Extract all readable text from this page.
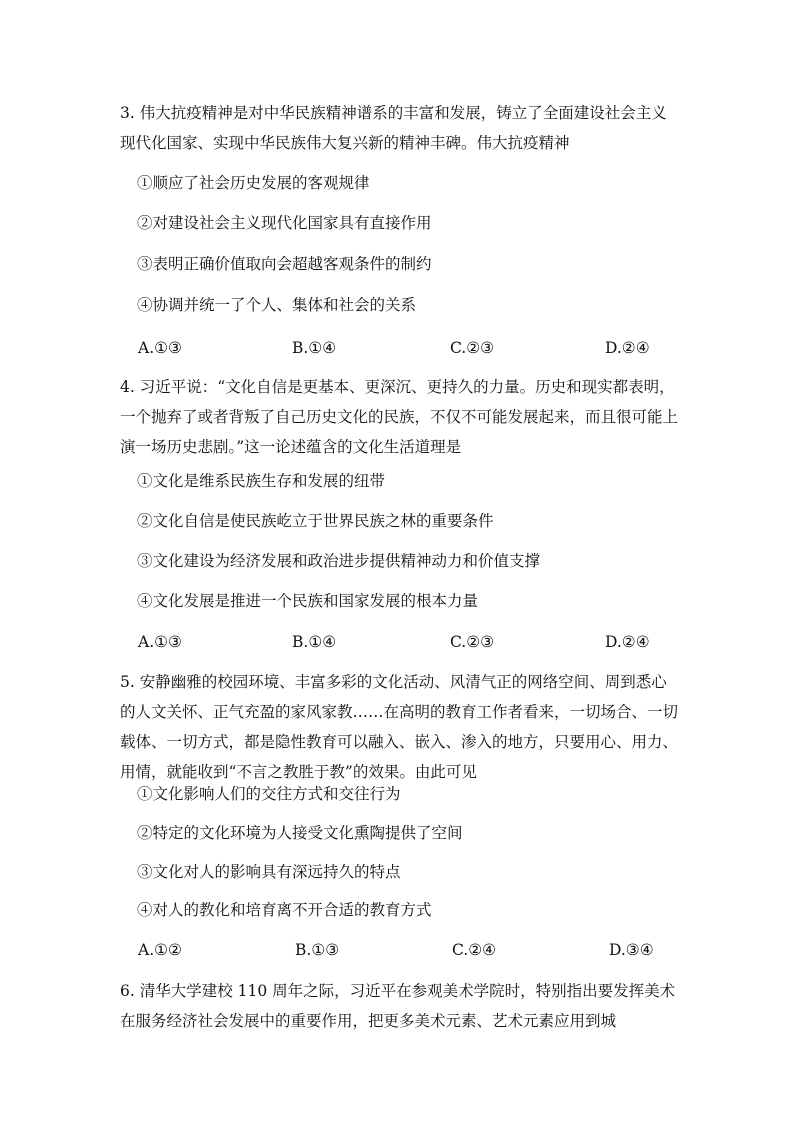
3. 伟大抗疫精神是对中华民族精神谱系的丰富和发展，铸立了全面建设社会主义现代化国家、实现中华民族伟大复兴新的精神丰碑。伟大抗疫精神
①顺应了社会历史发展的客观规律
②对建设社会主义现代化国家具有直接作用
③表明正确价值取向会超越客观条件的制约
④协调并统一了个人、集体和社会的关系
A.①③	B.①④	C.②③	D.②④
4. 习近平说：“文化自信是更基本、更深沉、更持久的力量。历史和现实都表明，一个抛弃了或者背叛了自己历史文化的民族，不仅不可能发展起来，而且很可能上演一场历史悲剧。”这一论述蕴含的文化生活道理是
①文化是维系民族生存和发展的纽带
②文化自信是使民族屹立于世界民族之林的重要条件
③文化建设为经济发展和政治进步提供精神动力和价值支撑
④文化发展是推进一个民族和国家发展的根本力量
A.①③	B.①④	C.②③	D.②④
5. 安静幽雅的校园环境、丰富多彩的文化活动、风清气正的网络空间、周到悉心的人文关怀、正气充盈的家风家教……在高明的教育工作者看来，一切场合、一切载体、一切方式，都是隐性教育可以融入、嵌入、渗入的地方，只要用心、用力、用情，就能收到“不言之教胜于教”的效果。由此可见
①文化影响人们的交往方式和交往行为
②特定的文化环境为人接受文化熏陶提供了空间
③文化对人的影响具有深远持久的特点
④对人的教化和培育离不开合适的教育方式
A.①②	B.①③	C.②④	D.③④
6. 清华大学建校 110 周年之际，习近平在参观美术学院时，特别指出要发挥美术在服务经济社会发展中的重要作用，把更多美术元素、艺术元素应用到城
